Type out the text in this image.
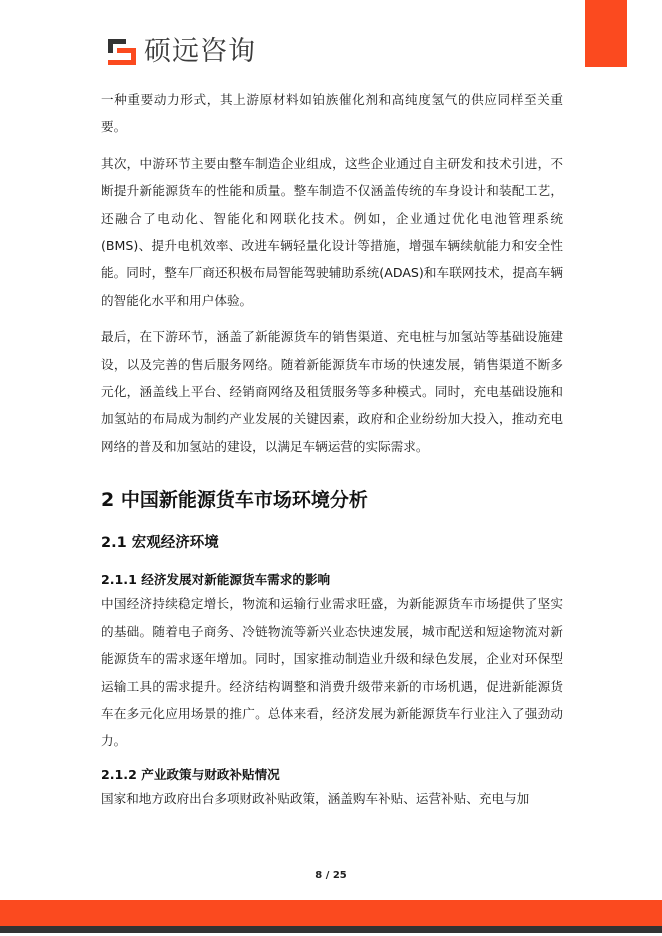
硕远咨询

一种重要动力形式，其上游原材料如铂族催化剂和高纯度氢气的供应同样至关重要。

其次，中游环节主要由整车制造企业组成，这些企业通过自主研发和技术引进，不断提升新能源货车的性能和质量。整车制造不仅涵盖传统的车身设计和装配工艺，还融合了电动化、智能化和网联化技术。例如，企业通过优化电池管理系统(BMS)、提升电机效率、改进车辆轻量化设计等措施，增强车辆续航能力和安全性能。同时，整车厂商还积极布局智能驾驶辅助系统(ADAS)和车联网技术，提高车辆的智能化水平和用户体验。

最后，在下游环节，涵盖了新能源货车的销售渠道、充电桩与加氢站等基础设施建设，以及完善的售后服务网络。随着新能源货车市场的快速发展，销售渠道不断多元化，涵盖线上平台、经销商网络及租赁服务等多种模式。同时，充电基础设施和加氢站的布局成为制约产业发展的关键因素，政府和企业纷纷加大投入，推动充电网络的普及和加氢站的建设，以满足车辆运营的实际需求。

2 中国新能源货车市场环境分析
2.1 宏观经济环境
2.1.1 经济发展对新能源货车需求的影响

中国经济持续稳定增长，物流和运输行业需求旺盛，为新能源货车市场提供了坚实的基础。随着电子商务、冷链物流等新兴业态快速发展，城市配送和短途物流对新能源货车的需求逐年增加。同时，国家推动制造业升级和绿色发展，企业对环保型运输工具的需求提升。经济结构调整和消费升级带来新的市场机遇，促进新能源货车在多元化应用场景的推广。总体来看，经济发展为新能源货车行业注入了强劲动力。

2.1.2 产业政策与财政补贴情况

国家和地方政府出台多项财政补贴政策，涵盖购车补贴、运营补贴、充电与加

8 / 25
